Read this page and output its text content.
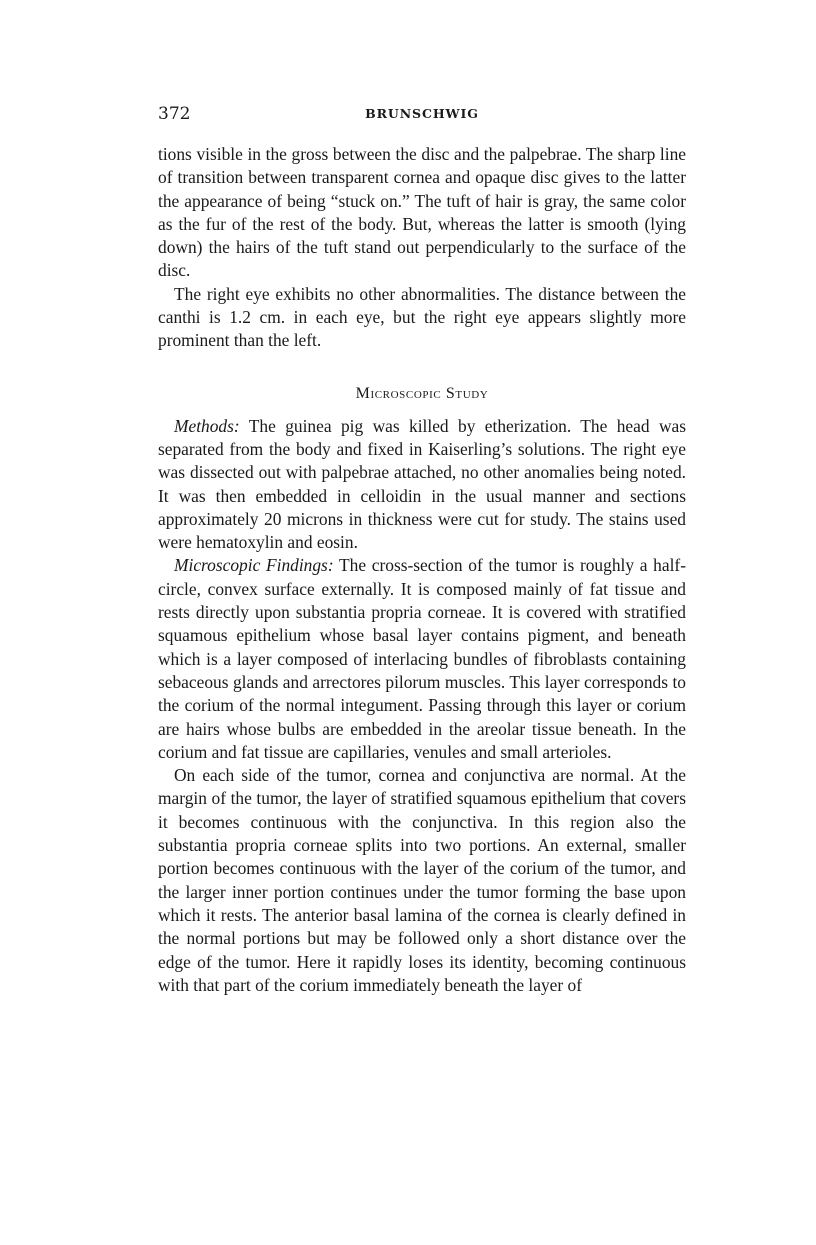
372	BRUNSCHWIG

tions visible in the gross between the disc and the palpebrae. The sharp line of transition between transparent cornea and opaque disc gives to the latter the appearance of being “stuck on.” The tuft of hair is gray, the same color as the fur of the rest of the body. But, whereas the latter is smooth (lying down) the hairs of the tuft stand out perpendicularly to the surface of the disc.

The right eye exhibits no other abnormalities. The distance between the canthi is 1.2 cm. in each eye, but the right eye appears slightly more prominent than the left.

Microscopic Study

Methods: The guinea pig was killed by etherization. The head was separated from the body and fixed in Kaiserling’s solutions. The right eye was dissected out with palpebrae attached, no other anomalies being noted. It was then embedded in celloidin in the usual manner and sections approximately 20 microns in thickness were cut for study. The stains used were hematoxylin and eosin.

Microscopic Findings: The cross-section of the tumor is roughly a half-circle, convex surface externally. It is composed mainly of fat tissue and rests directly upon substantia propria corneae. It is covered with stratified squamous epithelium whose basal layer contains pigment, and beneath which is a layer composed of interlacing bundles of fibroblasts containing sebaceous glands and arrectores pilorum muscles. This layer corresponds to the corium of the normal integument. Passing through this layer or corium are hairs whose bulbs are embedded in the areolar tissue beneath. In the corium and fat tissue are capillaries, venules and small arterioles.

On each side of the tumor, cornea and conjunctiva are normal. At the margin of the tumor, the layer of stratified squamous epithelium that covers it becomes continuous with the conjunctiva. In this region also the substantia propria corneae splits into two portions. An external, smaller portion becomes continuous with the layer of the corium of the tumor, and the larger inner portion continues under the tumor forming the base upon which it rests. The anterior basal lamina of the cornea is clearly defined in the normal portions but may be followed only a short distance over the edge of the tumor. Here it rapidly loses its identity, becoming continuous with that part of the corium immediately beneath the layer of
